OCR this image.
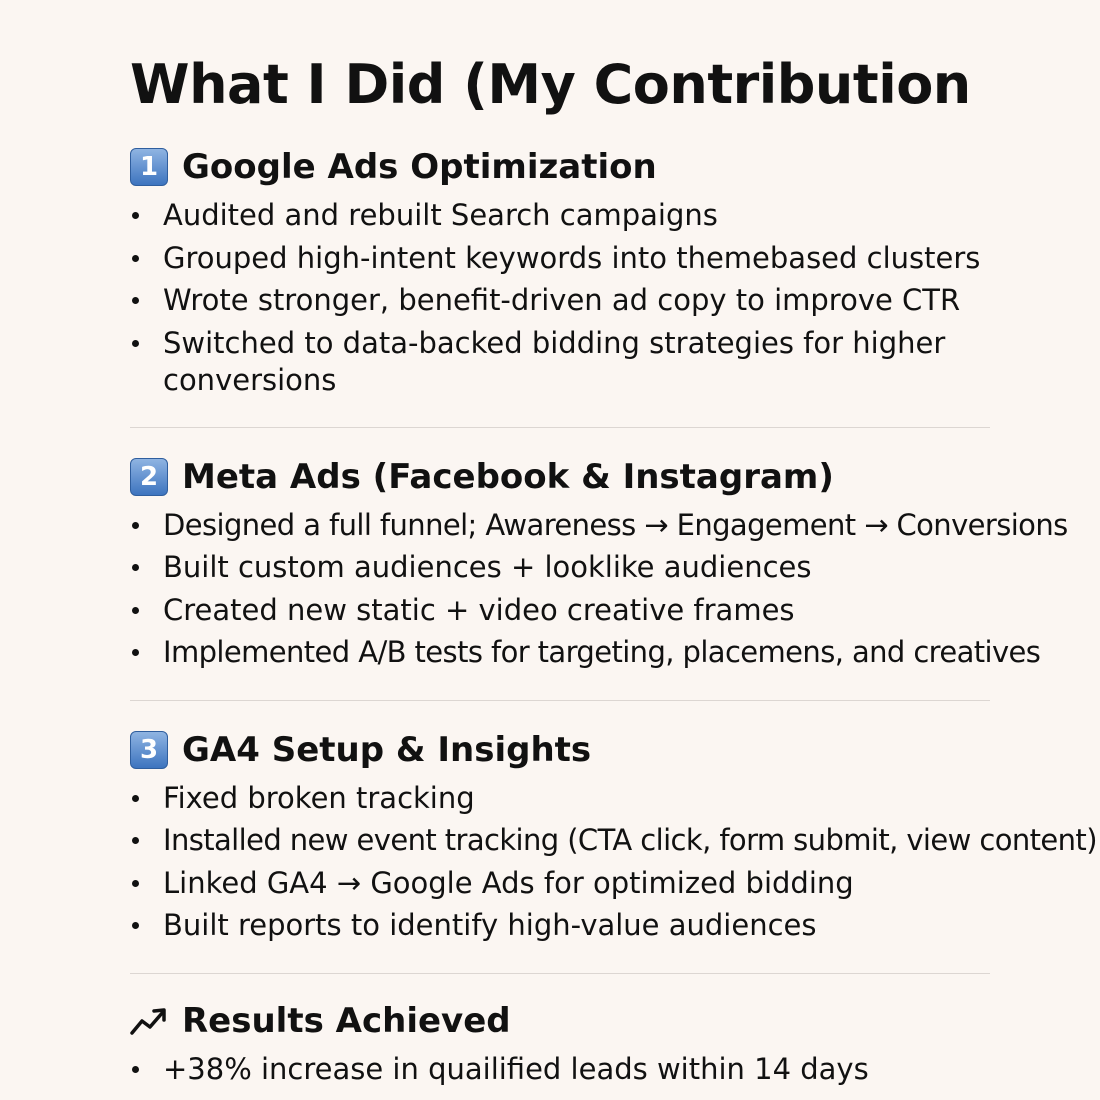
What I Did (My Contribution
1 Google Ads Optimization
Audited and rebuilt Search campaigns
Grouped high-intent keywords into themebased clusters
Wrote stronger, benefit-driven ad copy to improve CTR
Switched to data-backed bidding strategies for higher conversions
2 Meta Ads (Facebook & Instagram)
Designed a full funnel; Awareness → Engagement → Conversions
Built custom audiences + looklike audiences
Created new static + video creative frames
Implemented A/B tests for targeting, placemens, and creatives
3 GA4 Setup & Insights
Fixed broken tracking
Installed new event tracking (CTA click, form submit, view content)
Linked GA4 → Google Ads for optimized bidding
Built reports to identify high-value audiences
Results Achieved
+38% increase in quailified leads within 14 days
